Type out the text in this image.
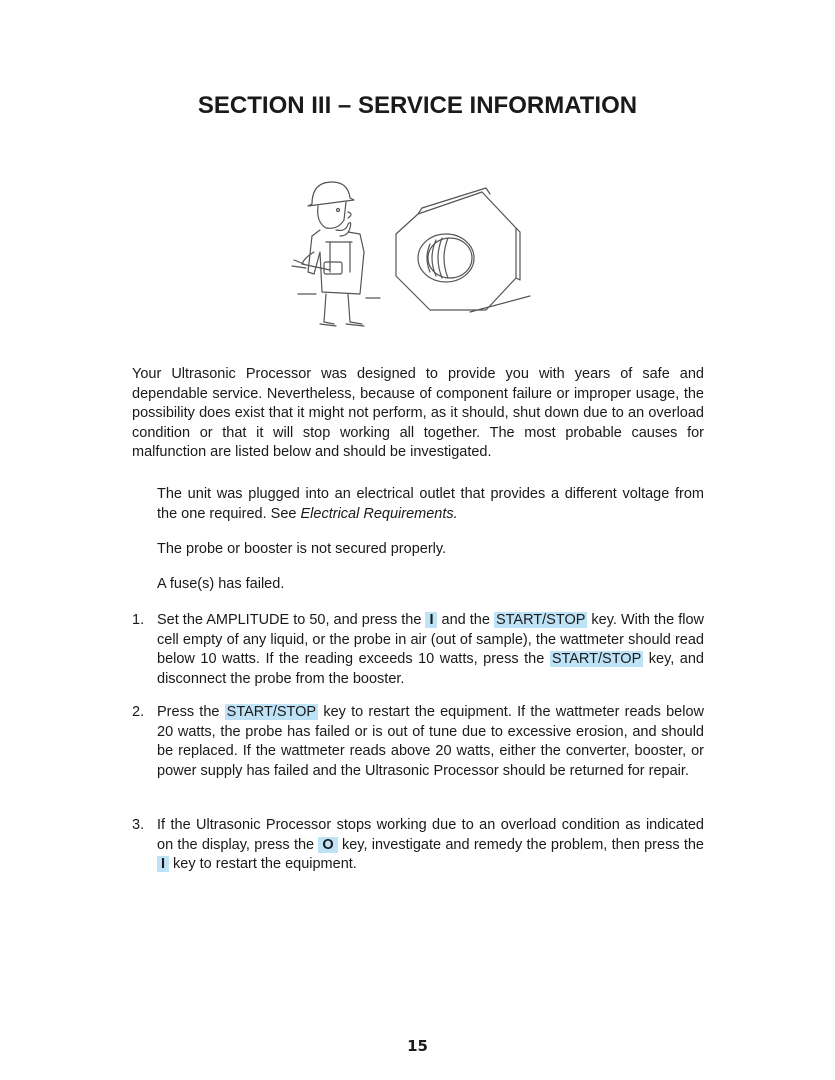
SECTION III – SERVICE INFORMATION
Your Ultrasonic Processor was designed to provide you with years of safe and dependable service. Nevertheless, because of component failure or improper usage, the possibility does exist that it might not perform, as it should, shut down due to an overload condition or that it will stop working all together. The most probable causes for malfunction are listed below and should be investigated.
The unit was plugged into an electrical outlet that provides a different voltage from the one required. See Electrical Requirements.
The probe or booster is not secured properly.
A fuse(s) has failed.
1. Set the AMPLITUDE to 50, and press the I and the START/STOP key. With the flow cell empty of any liquid, or the probe in air (out of sample), the wattmeter should read below 10 watts. If the reading exceeds 10 watts, press the START/STOP key, and disconnect the probe from the booster.
2. Press the START/STOP key to restart the equipment. If the wattmeter reads below 20 watts, the probe has failed or is out of tune due to excessive erosion, and should be replaced. If the wattmeter reads above 20 watts, either the converter, booster, or power supply has failed and the Ultrasonic Processor should be returned for repair.
3. If the Ultrasonic Processor stops working due to an overload condition as indicated on the display, press the O key, investigate and remedy the problem, then press the I key to restart the equipment.
15
